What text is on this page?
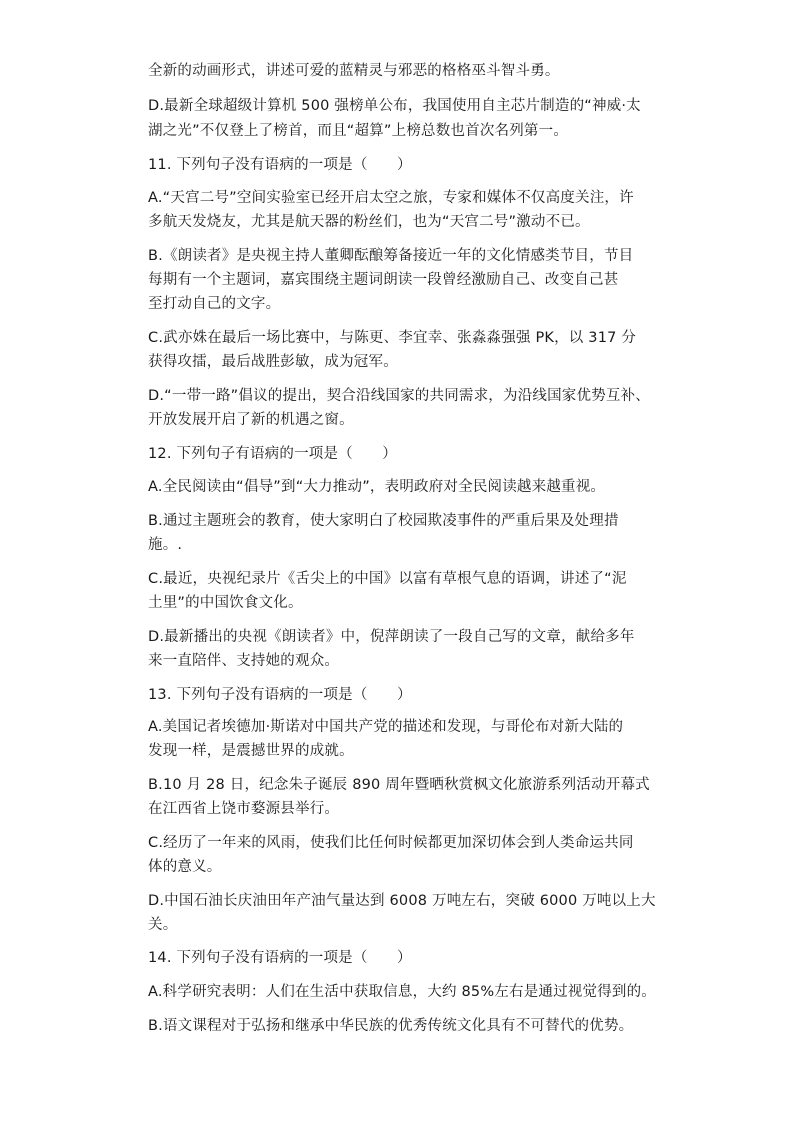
全新的动画形式，讲述可爱的蓝精灵与邪恶的格格巫斗智斗勇。
D.最新全球超级计算机 500 强榜单公布，我国使用自主芯片制造的“神威·太
湖之光”不仅登上了榜首，而且“超算”上榜总数也首次名列第一。
11. 下列句子没有语病的一项是（　　）
A.“天宫二号”空间实验室已经开启太空之旅，专家和媒体不仅高度关注，许
多航天发烧友，尤其是航天器的粉丝们，也为“天宫二号”激动不已。
B.《朗读者》是央视主持人董卿酝酿筹备接近一年的文化情感类节目，节目
每期有一个主题词，嘉宾围绕主题词朗读一段曾经激励自己、改变自己甚
至打动自己的文字。
C.武亦姝在最后一场比赛中，与陈更、李宜幸、张淼淼强强 PK，以 317 分
获得攻擂，最后战胜彭敏，成为冠军。
D.“一带一路”倡议的提出，契合沿线国家的共同需求，为沿线国家优势互补、
开放发展开启了新的机遇之窗。
12. 下列句子有语病的一项是（　　）
A.全民阅读由“倡导”到“大力推动”，表明政府对全民阅读越来越重视。
B.通过主题班会的教育，使大家明白了校园欺凌事件的严重后果及处理措
施。.
C.最近，央视纪录片《舌尖上的中国》以富有草根气息的语调，讲述了“泥
土里”的中国饮食文化。
D.最新播出的央视《朗读者》中，倪萍朗读了一段自己写的文章，献给多年
来一直陪伴、支持她的观众。
13. 下列句子没有语病的一项是（　　）
A.美国记者埃德加·斯诺对中国共产党的描述和发现，与哥伦布对新大陆的
发现一样，是震撼世界的成就。
B.10 月 28 日，纪念朱子诞辰 890 周年暨晒秋赏枫文化旅游系列活动开幕式
在江西省上饶市婺源县举行。
C.经历了一年来的风雨，使我们比任何时候都更加深切体会到人类命运共同
体的意义。
D.中国石油长庆油田年产油气量达到 6008 万吨左右，突破 6000 万吨以上大
关。
14. 下列句子没有语病的一项是（　　）
A.科学研究表明：人们在生活中获取信息，大约 85%左右是通过视觉得到的。
B.语文课程对于弘扬和继承中华民族的优秀传统文化具有不可替代的优势。
